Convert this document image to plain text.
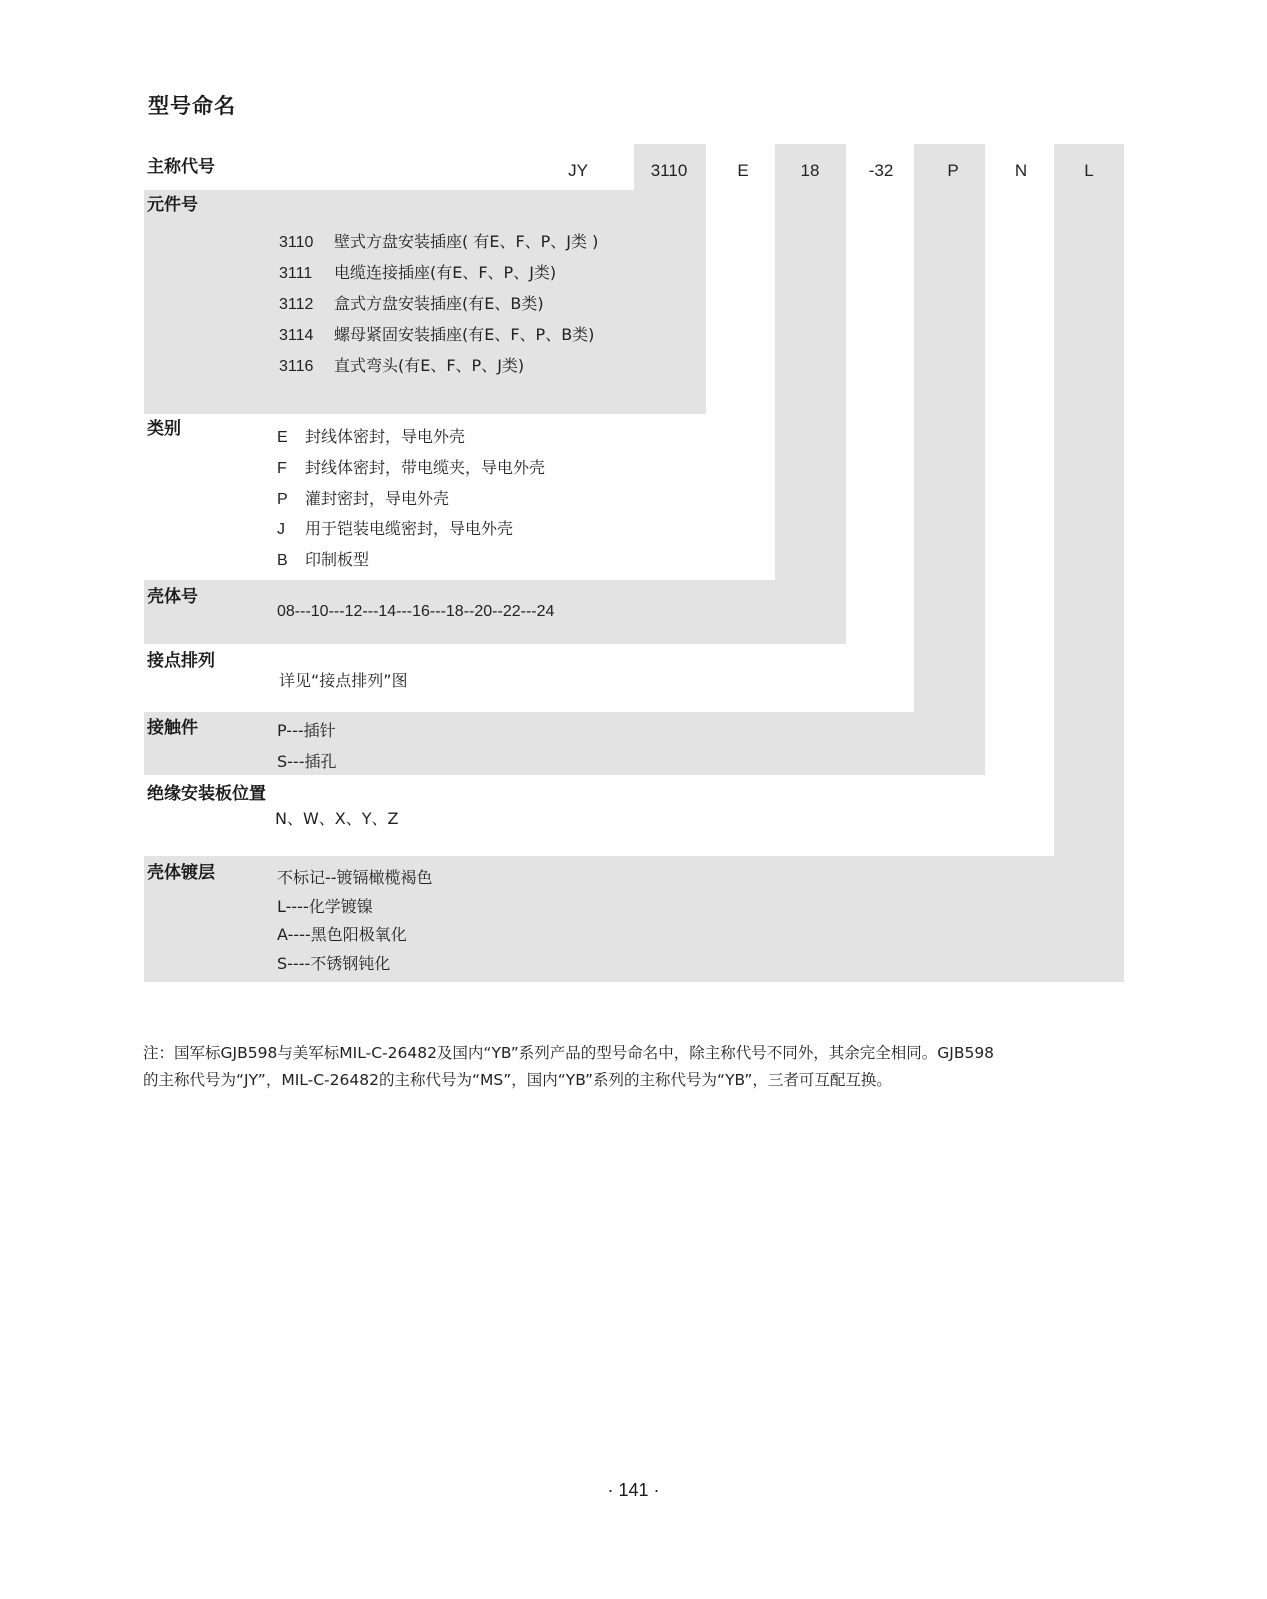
型号命名
主称代号	JY	3110	E	18	-32	P	N	L
元件号
3110 壁式方盘安装插座( 有E、F、P、J类 )
3111 电缆连接插座(有E、F、P、J类)
3112 盒式方盘安装插座(有E、B类)
3114 螺母紧固安装插座(有E、F、P、B类)
3116 直式弯头(有E、F、P、J类)
类别	E 封线体密封，导电外壳
F 封线体密封，带电缆夹，导电外壳
P 灌封密封，导电外壳
J 用于铠装电缆密封，导电外壳
B 印制板型
壳体号
08---10---12---14---16---18--20--22---24
接点排列
详见“接点排列”图
接触件	P---插针
S---插孔
绝缘安装板位置
N、W、X、Y、Z
壳体镀层	不标记--镀镉橄榄褐色
L----化学镀镍
A----黑色阳极氧化
S----不锈钢钝化
注：国军标GJB598与美军标MIL-C-26482及国内“YB”系列产品的型号命名中，除主称代号不同外，其余完全相同。GJB598
的主称代号为“JY”，MIL-C-26482的主称代号为“MS”，国内“YB”系列的主称代号为“YB”，三者可互配互换。
· 141 ·
